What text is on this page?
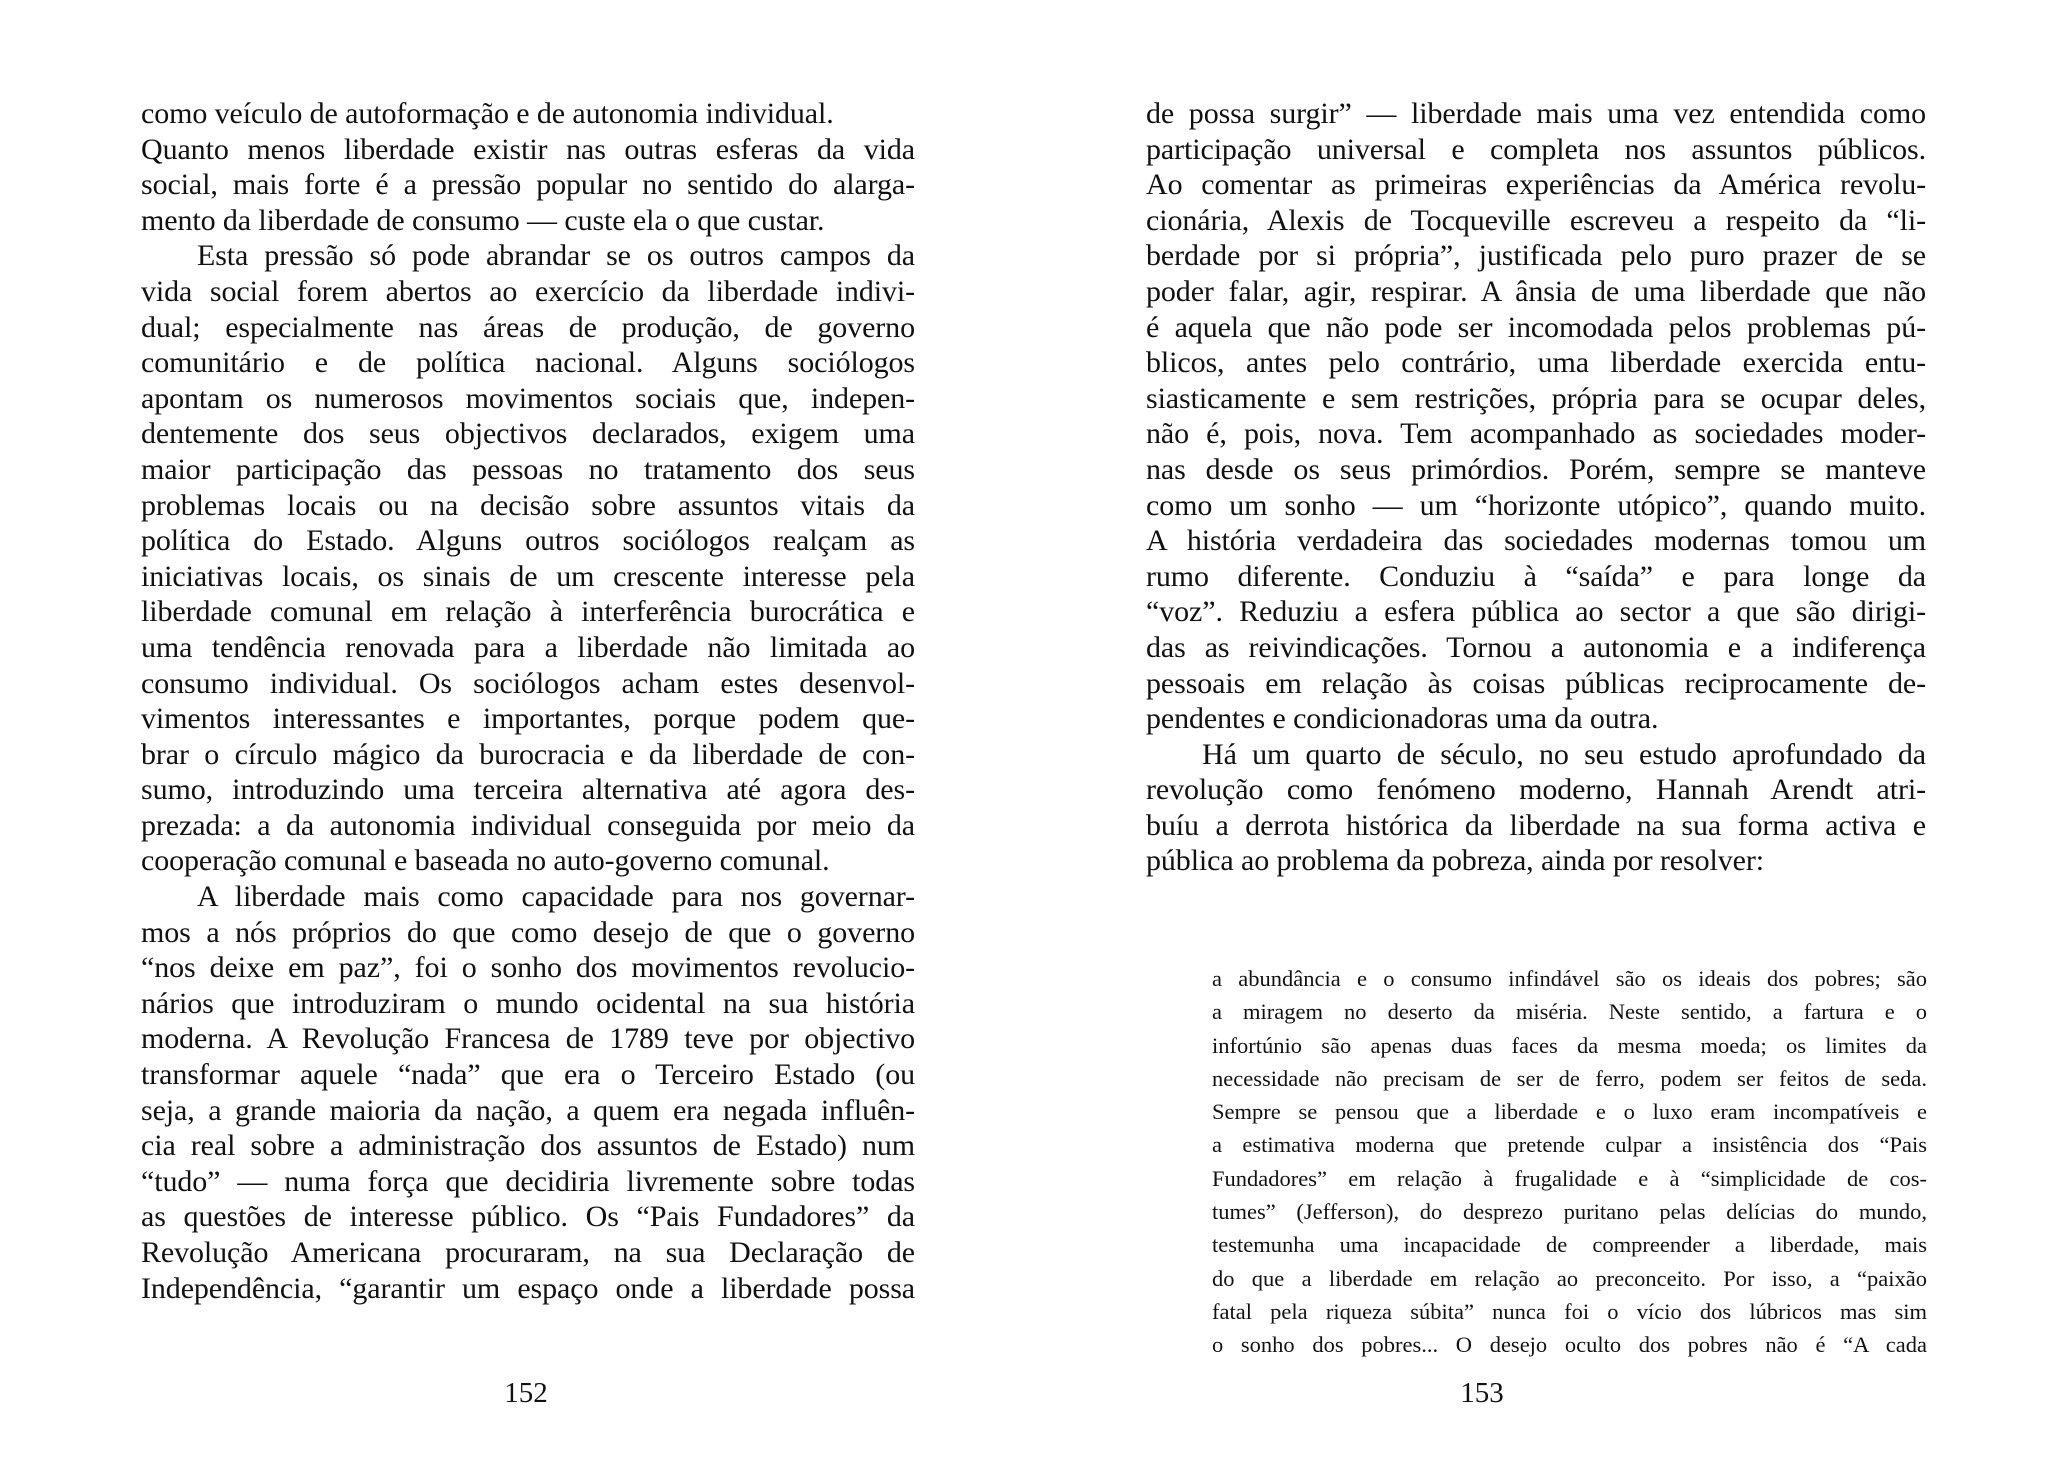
como veículo de autoformação e de autonomia individual.
Quanto menos liberdade existir nas outras esferas da vida
social, mais forte é a pressão popular no sentido do alarga-
mento da liberdade de consumo — custe ela o que custar.
Esta pressão só pode abrandar se os outros campos da
vida social forem abertos ao exercício da liberdade indivi-
dual; especialmente nas áreas de produção, de governo
comunitário e de política nacional. Alguns sociólogos
apontam os numerosos movimentos sociais que, indepen-
dentemente dos seus objectivos declarados, exigem uma
maior participação das pessoas no tratamento dos seus
problemas locais ou na decisão sobre assuntos vitais da
política do Estado. Alguns outros sociólogos realçam as
iniciativas locais, os sinais de um crescente interesse pela
liberdade comunal em relação à interferência burocrática e
uma tendência renovada para a liberdade não limitada ao
consumo individual. Os sociólogos acham estes desenvol-
vimentos interessantes e importantes, porque podem que-
brar o círculo mágico da burocracia e da liberdade de con-
sumo, introduzindo uma terceira alternativa até agora des-
prezada: a da autonomia individual conseguida por meio da
cooperação comunal e baseada no auto-governo comunal.
A liberdade mais como capacidade para nos governar-
mos a nós próprios do que como desejo de que o governo
“nos deixe em paz”, foi o sonho dos movimentos revolucio-
nários que introduziram o mundo ocidental na sua história
moderna. A Revolução Francesa de 1789 teve por objectivo
transformar aquele “nada” que era o Terceiro Estado (ou
seja, a grande maioria da nação, a quem era negada influên-
cia real sobre a administração dos assuntos de Estado) num
“tudo” — numa força que decidiria livremente sobre todas
as questões de interesse público. Os “Pais Fundadores” da
Revolução Americana procuraram, na sua Declaração de
Independência, “garantir um espaço onde a liberdade possa
152
de possa surgir” — liberdade mais uma vez entendida como
participação universal e completa nos assuntos públicos.
Ao comentar as primeiras experiências da América revolu-
cionária, Alexis de Tocqueville escreveu a respeito da “li-
berdade por si própria”, justificada pelo puro prazer de se
poder falar, agir, respirar. A ânsia de uma liberdade que não
é aquela que não pode ser incomodada pelos problemas pú-
blicos, antes pelo contrário, uma liberdade exercida entu-
siasticamente e sem restrições, própria para se ocupar deles,
não é, pois, nova. Tem acompanhado as sociedades moder-
nas desde os seus primórdios. Porém, sempre se manteve
como um sonho — um “horizonte utópico”, quando muito.
A história verdadeira das sociedades modernas tomou um
rumo diferente. Conduziu à “saída” e para longe da
“voz”. Reduziu a esfera pública ao sector a que são dirigi-
das as reivindicações. Tornou a autonomia e a indiferença
pessoais em relação às coisas públicas reciprocamente de-
pendentes e condicionadoras uma da outra.
Há um quarto de século, no seu estudo aprofundado da
revolução como fenómeno moderno, Hannah Arendt atri-
buíu a derrota histórica da liberdade na sua forma activa e
pública ao problema da pobreza, ainda por resolver:
a abundância e o consumo infindável são os ideais dos pobres; são
a miragem no deserto da miséria. Neste sentido, a fartura e o
infortúnio são apenas duas faces da mesma moeda; os limites da
necessidade não precisam de ser de ferro, podem ser feitos de seda.
Sempre se pensou que a liberdade e o luxo eram incompatíveis e
a estimativa moderna que pretende culpar a insistência dos “Pais
Fundadores” em relação à frugalidade e à “simplicidade de cos-
tumes” (Jefferson), do desprezo puritano pelas delícias do mundo,
testemunha uma incapacidade de compreender a liberdade, mais
do que a liberdade em relação ao preconceito. Por isso, a “paixão
fatal pela riqueza súbita” nunca foi o vício dos lúbricos mas sim
o sonho dos pobres... O desejo oculto dos pobres não é “A cada
153
